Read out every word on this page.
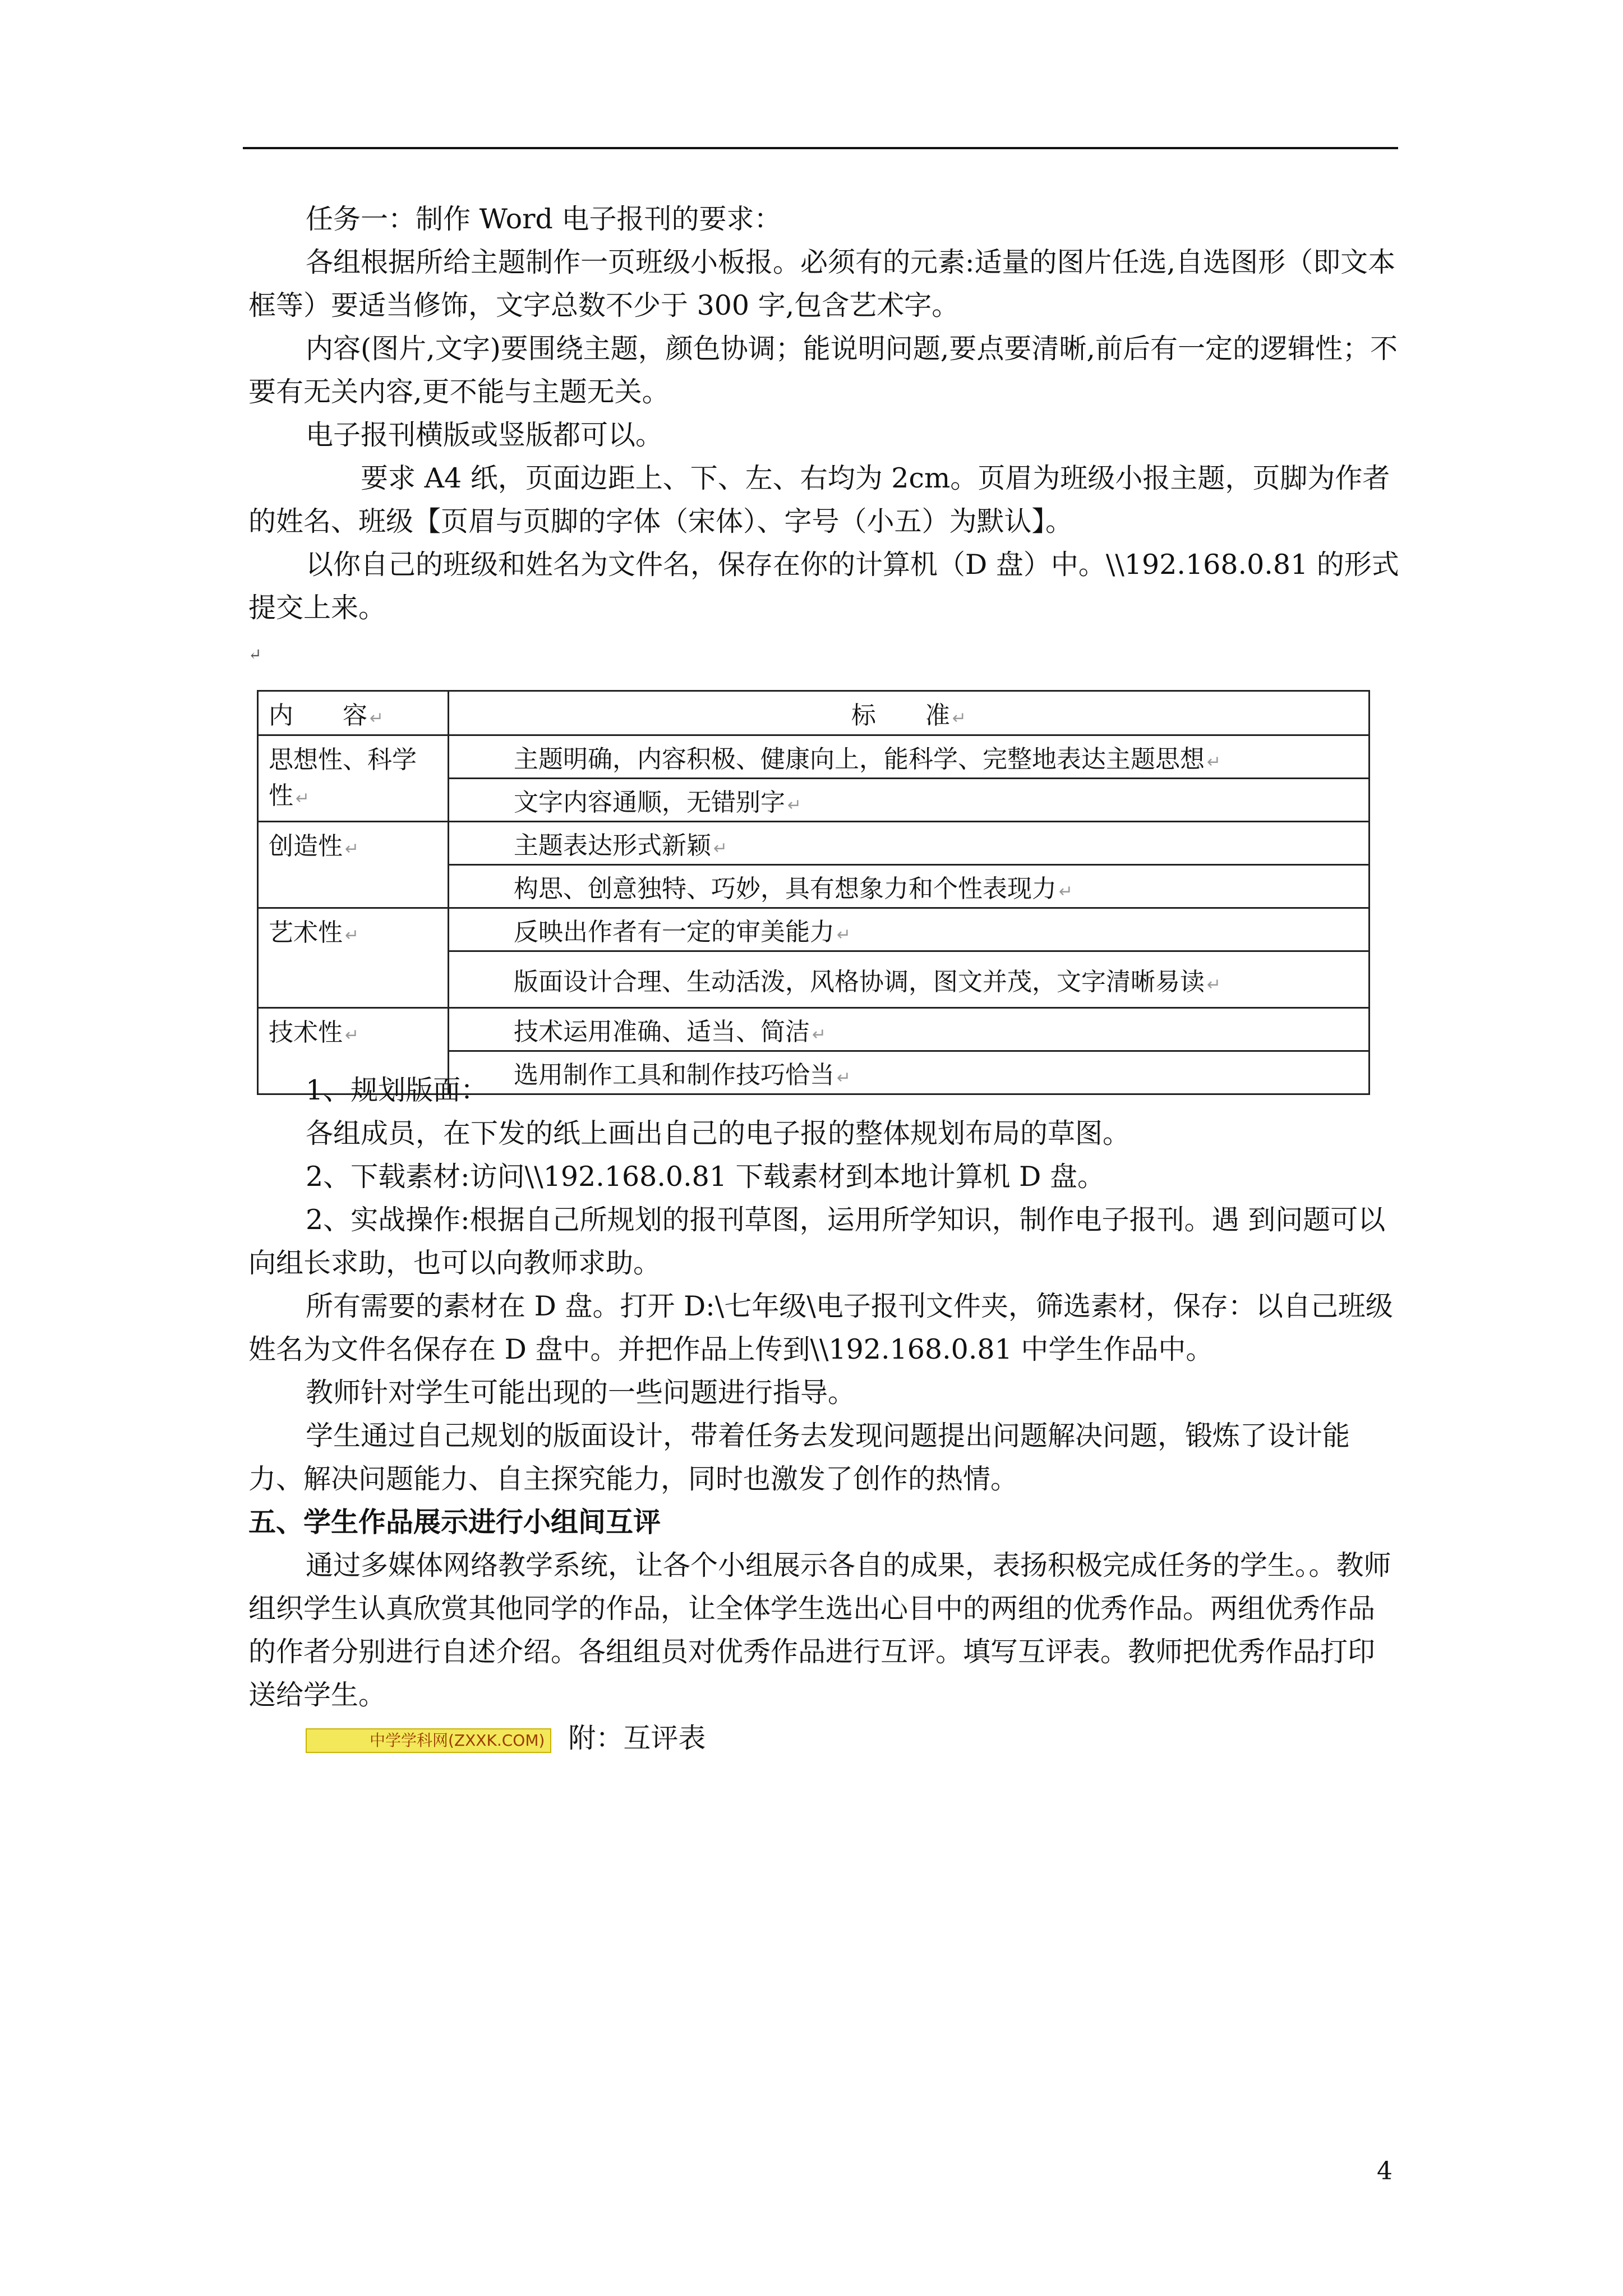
任务一：制作 Word 电子报刊的要求：

各组根据所给主题制作一页班级小板报。必须有的元素:适量的图片任选,自选图形（即文本框等）要适当修饰，文字总数不少于 300 字,包含艺术字。

内容(图片,文字)要围绕主题，颜色协调；能说明问题,要点要清晰,前后有一定的逻辑性；不要有无关内容,更不能与主题无关。

电子报刊横版或竖版都可以。

要求 A4 纸，页面边距上、下、左、右均为 2cm。页眉为班级小报主题，页脚为作者的姓名、班级【页眉与页脚的字体（宋体）、字号（小五）为默认】。

以你自己的班级和姓名为文件名，保存在你的计算机（D 盘）中。\\192.168.0.81 的形式提交上来。

↵
内　　容 ↵	标　　准 ↵
思想性、科学性 ↵	主题明确，内容积极、健康向上，能科学、完整地表达主题思想 ↵
	文字内容通顺，无错别字 ↵
创造性 ↵	主题表达形式新颖 ↵
	构思、创意独特、巧妙，具有想象力和个性表现力 ↵
艺术性 ↵	反映出作者有一定的审美能力 ↵
	版面设计合理、生动活泼，风格协调，图文并茂，文字清晰易读 ↵
技术性 ↵	技术运用准确、适当、简洁 ↵
	选用制作工具和制作技巧恰当 ↵

1、规划版面：

各组成员，在下发的纸上画出自己的电子报的整体规划布局的草图。

2、下载素材:访问\\192.168.0.81 下载素材到本地计算机 D 盘。

2、实战操作:根据自己所规划的报刊草图，运用所学知识，制作电子报刊。遇 到问题可以向组长求助，也可以向教师求助。

所有需要的素材在 D 盘。打开 D:\七年级\电子报刊文件夹，筛选素材，保存：以自己班级姓名为文件名保存在 D 盘中。并把作品上传到\\192.168.0.81 中学生作品中。

教师针对学生可能出现的一些问题进行指导。

学生通过自己规划的版面设计，带着任务去发现问题提出问题解决问题，锻炼了设计能力、解决问题能力、自主探究能力，同时也激发了创作的热情。

五、学生作品展示进行小组间互评

通过多媒体网络教学系统，让各个小组展示各自的成果，表扬积极完成任务的学生。。教师组织学生认真欣赏其他同学的作品，让全体学生选出心目中的两组的优秀作品。两组优秀作品的作者分别进行自述介绍。各组组员对优秀作品进行互评。填写互评表。教师把优秀作品打印送给学生。

中学学科网(ZXXK.COM) 附：互评表

4
